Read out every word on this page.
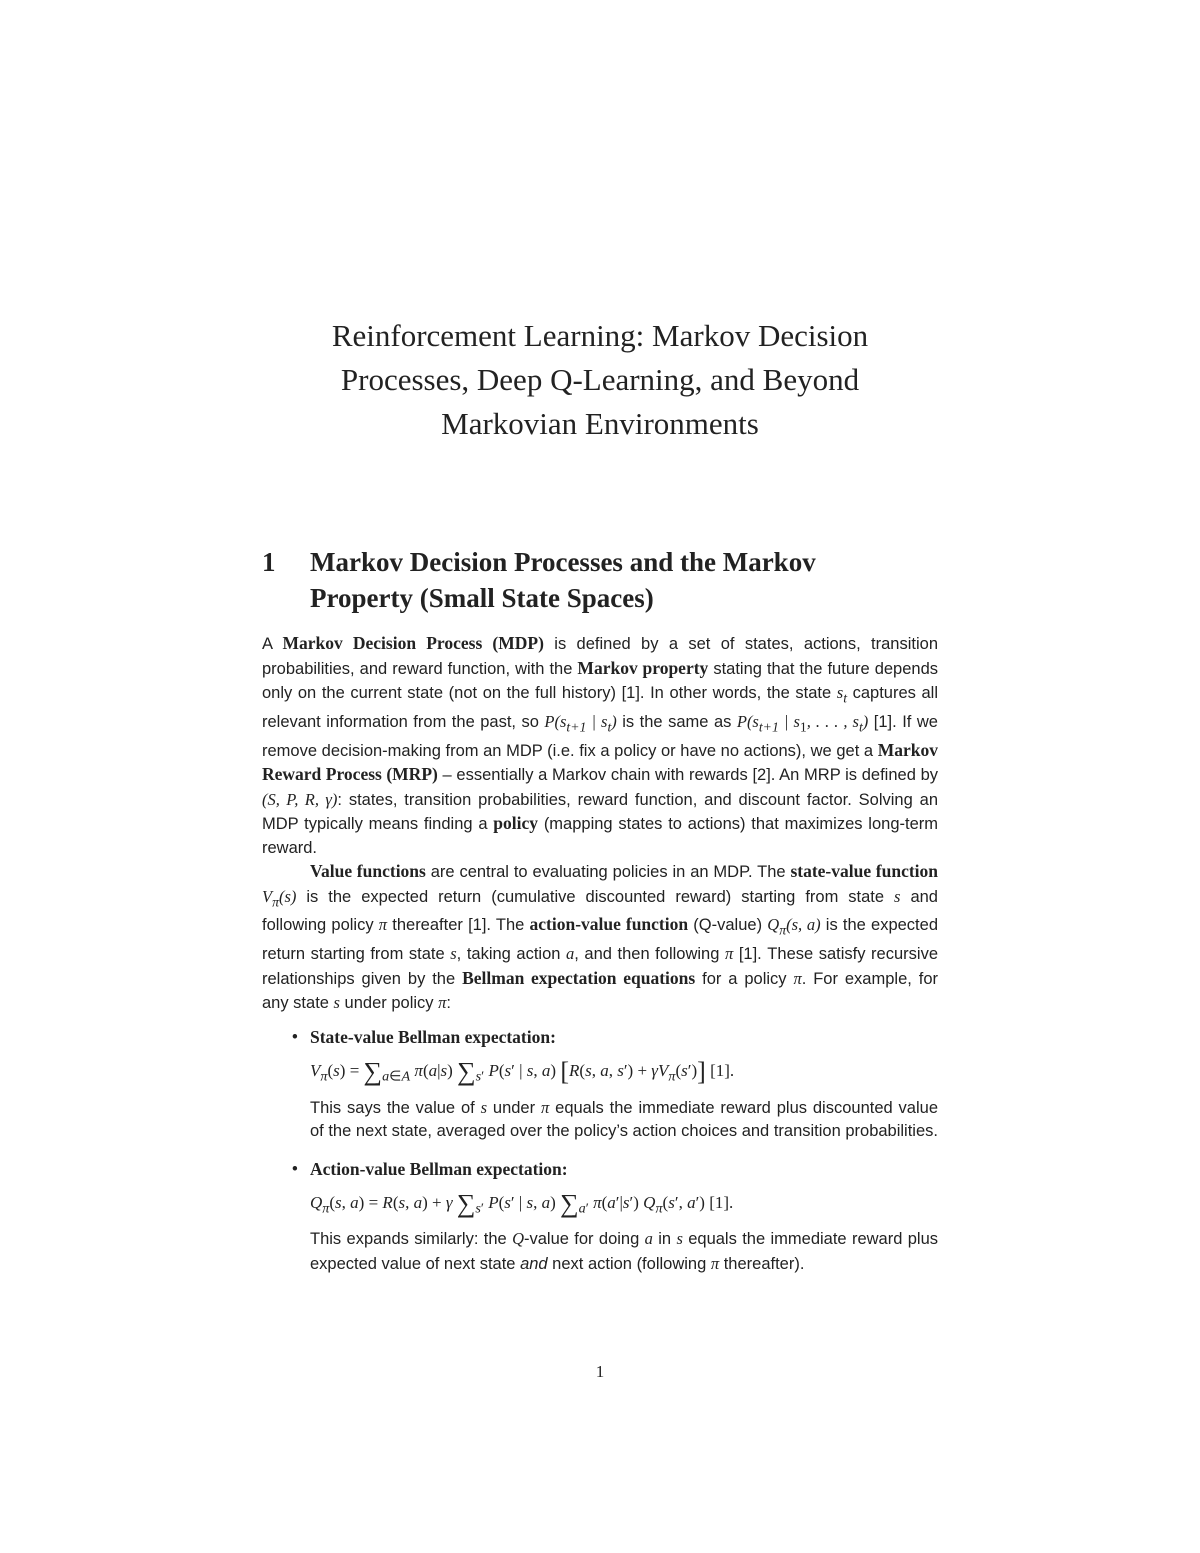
Reinforcement Learning: Markov Decision
Processes, Deep Q-Learning, and Beyond
Markovian Environments
1 Markov Decision Processes and the Markov
Property (Small State Spaces)

A Markov Decision Process (MDP) is defined by a set of states, actions, transition probabilities, and reward function, with the Markov property stating that the future depends only on the current state (not on the full history) [1]. In other words, the state $s_t$ captures all relevant information from the past, so $P(s_{t+1}$ | $s_t$) is the same as $P(s_{t+1}$ | $s_1$, . . . , $s_t$) [1]. If we remove decision-making from an MDP (i.e. fix a policy or have no actions), we get a Markov Reward Process (MRP) – essentially a Markov chain with rewards [2]. An MRP is defined by (S, P, R, γ): states, transition probabilities, reward function, and discount factor. Solving an MDP typically means finding a policy (mapping states to actions) that maximizes long-term reward.

Value functions are central to evaluating policies in an MDP. The state-value function $V_\pi(s)$ is the expected return (cumulative discounted reward) starting from state s and following policy π thereafter [1]. The action-value function (Q-value) $Q_\pi(s$, a) is the expected return starting from state s, taking action a, and then following π [1]. These satisfy recursive relationships given by the Bellman expectation equations for a policy π. For example, for any state s under policy π:

• State-value Bellman expectation:
$V_\pi(s) = \sum_{a\in A}$ π(a|s) $\sum_{s'}$ P(s′ | s, a) [R(s, a, $s') + \gamma V_\pi(s')$] [1].
This says the value of s under π equals the immediate reward plus discounted value of the next state, averaged over the policy’s action choices and transition probabilities.
• Action-value Bellman expectation:
$Q_\pi(s$, a) = R(s, a) + γ $\sum_{s'}$ P(s′ | s, a) $\sum_{a'}$ π(a′|s′) $Q_\pi(s'$, a′) [1].
This expands similarly: the Q-value for doing a in s equals the immediate reward plus expected value of next state and next action (following π thereafter).
1
